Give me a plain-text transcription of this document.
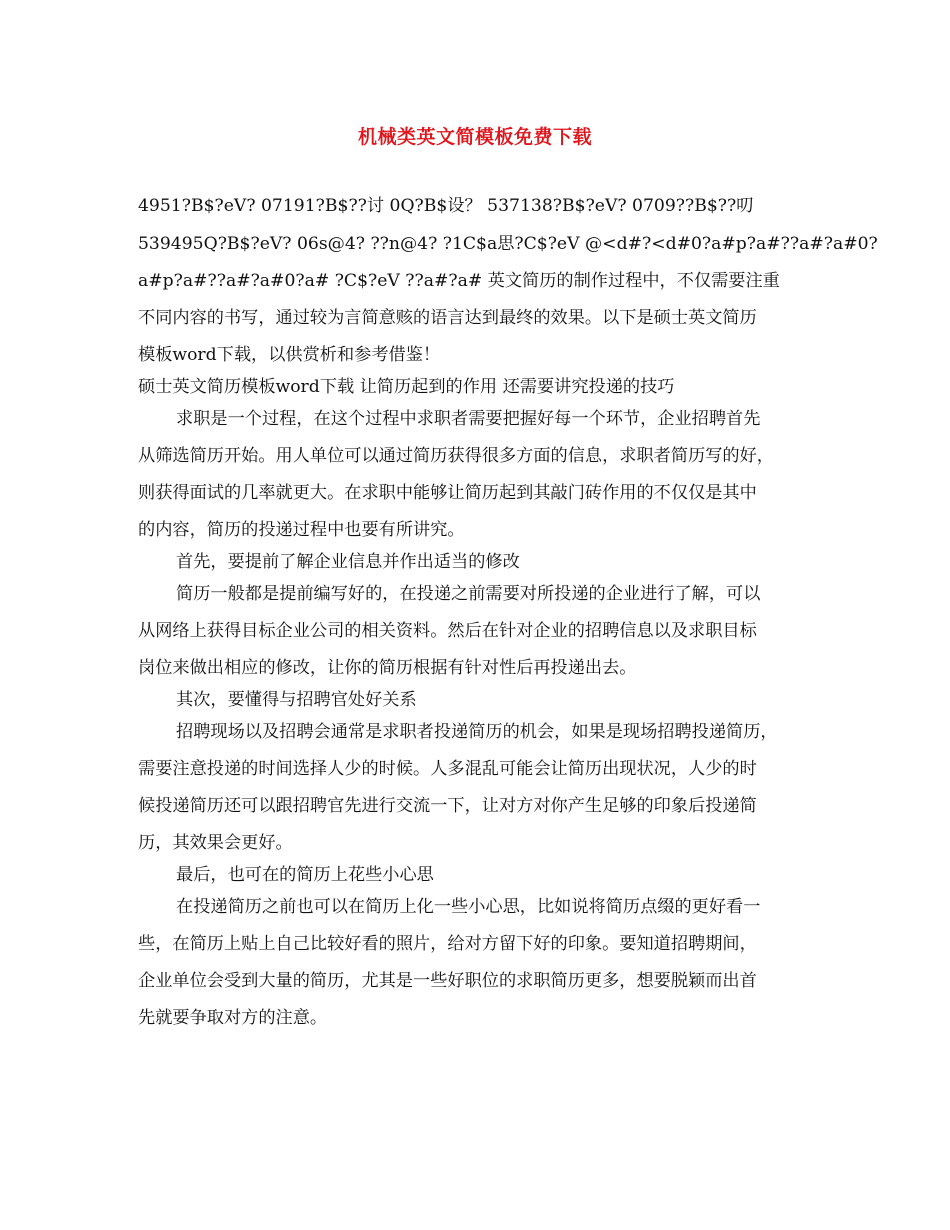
机械类英文简模板免费下载
4951?B$?eV? 07191?B$??讨 0Q?B$设？ 537138?B$?eV? 0709??B$??叨
539495Q?B$?eV? 06s@4? ??n@4? ?1C$a思?C$?eV @<d#?<d#0?a#p?a#??a#?a#0?
a#p?a#??a#?a#0?a# ?C$?eV ??a#?a# 英文简历的制作过程中，不仅需要注重
不同内容的书写，通过较为言简意赅的语言达到最终的效果。以下是硕士英文简历
模板word下载，以供赏析和参考借鉴！
硕士英文简历模板word下载 让简历起到的作用 还需要讲究投递的技巧
求职是一个过程，在这个过程中求职者需要把握好每一个环节，企业招聘首先
从筛选简历开始。用人单位可以通过简历获得很多方面的信息，求职者简历写的好，
则获得面试的几率就更大。在求职中能够让简历起到其敲门砖作用的不仅仅是其中
的内容，简历的投递过程中也要有所讲究。
首先，要提前了解企业信息并作出适当的修改
简历一般都是提前编写好的，在投递之前需要对所投递的企业进行了解，可以
从网络上获得目标企业公司的相关资料。然后在针对企业的招聘信息以及求职目标
岗位来做出相应的修改，让你的简历根据有针对性后再投递出去。
其次，要懂得与招聘官处好关系
招聘现场以及招聘会通常是求职者投递简历的机会，如果是现场招聘投递简历，
需要注意投递的时间选择人少的时候。人多混乱可能会让简历出现状况，人少的时
候投递简历还可以跟招聘官先进行交流一下，让对方对你产生足够的印象后投递简
历，其效果会更好。
最后，也可在的简历上花些小心思
在投递简历之前也可以在简历上化一些小心思，比如说将简历点缀的更好看一
些，在简历上贴上自己比较好看的照片，给对方留下好的印象。要知道招聘期间，
企业单位会受到大量的简历，尤其是一些好职位的求职简历更多，想要脱颖而出首
先就要争取对方的注意。
